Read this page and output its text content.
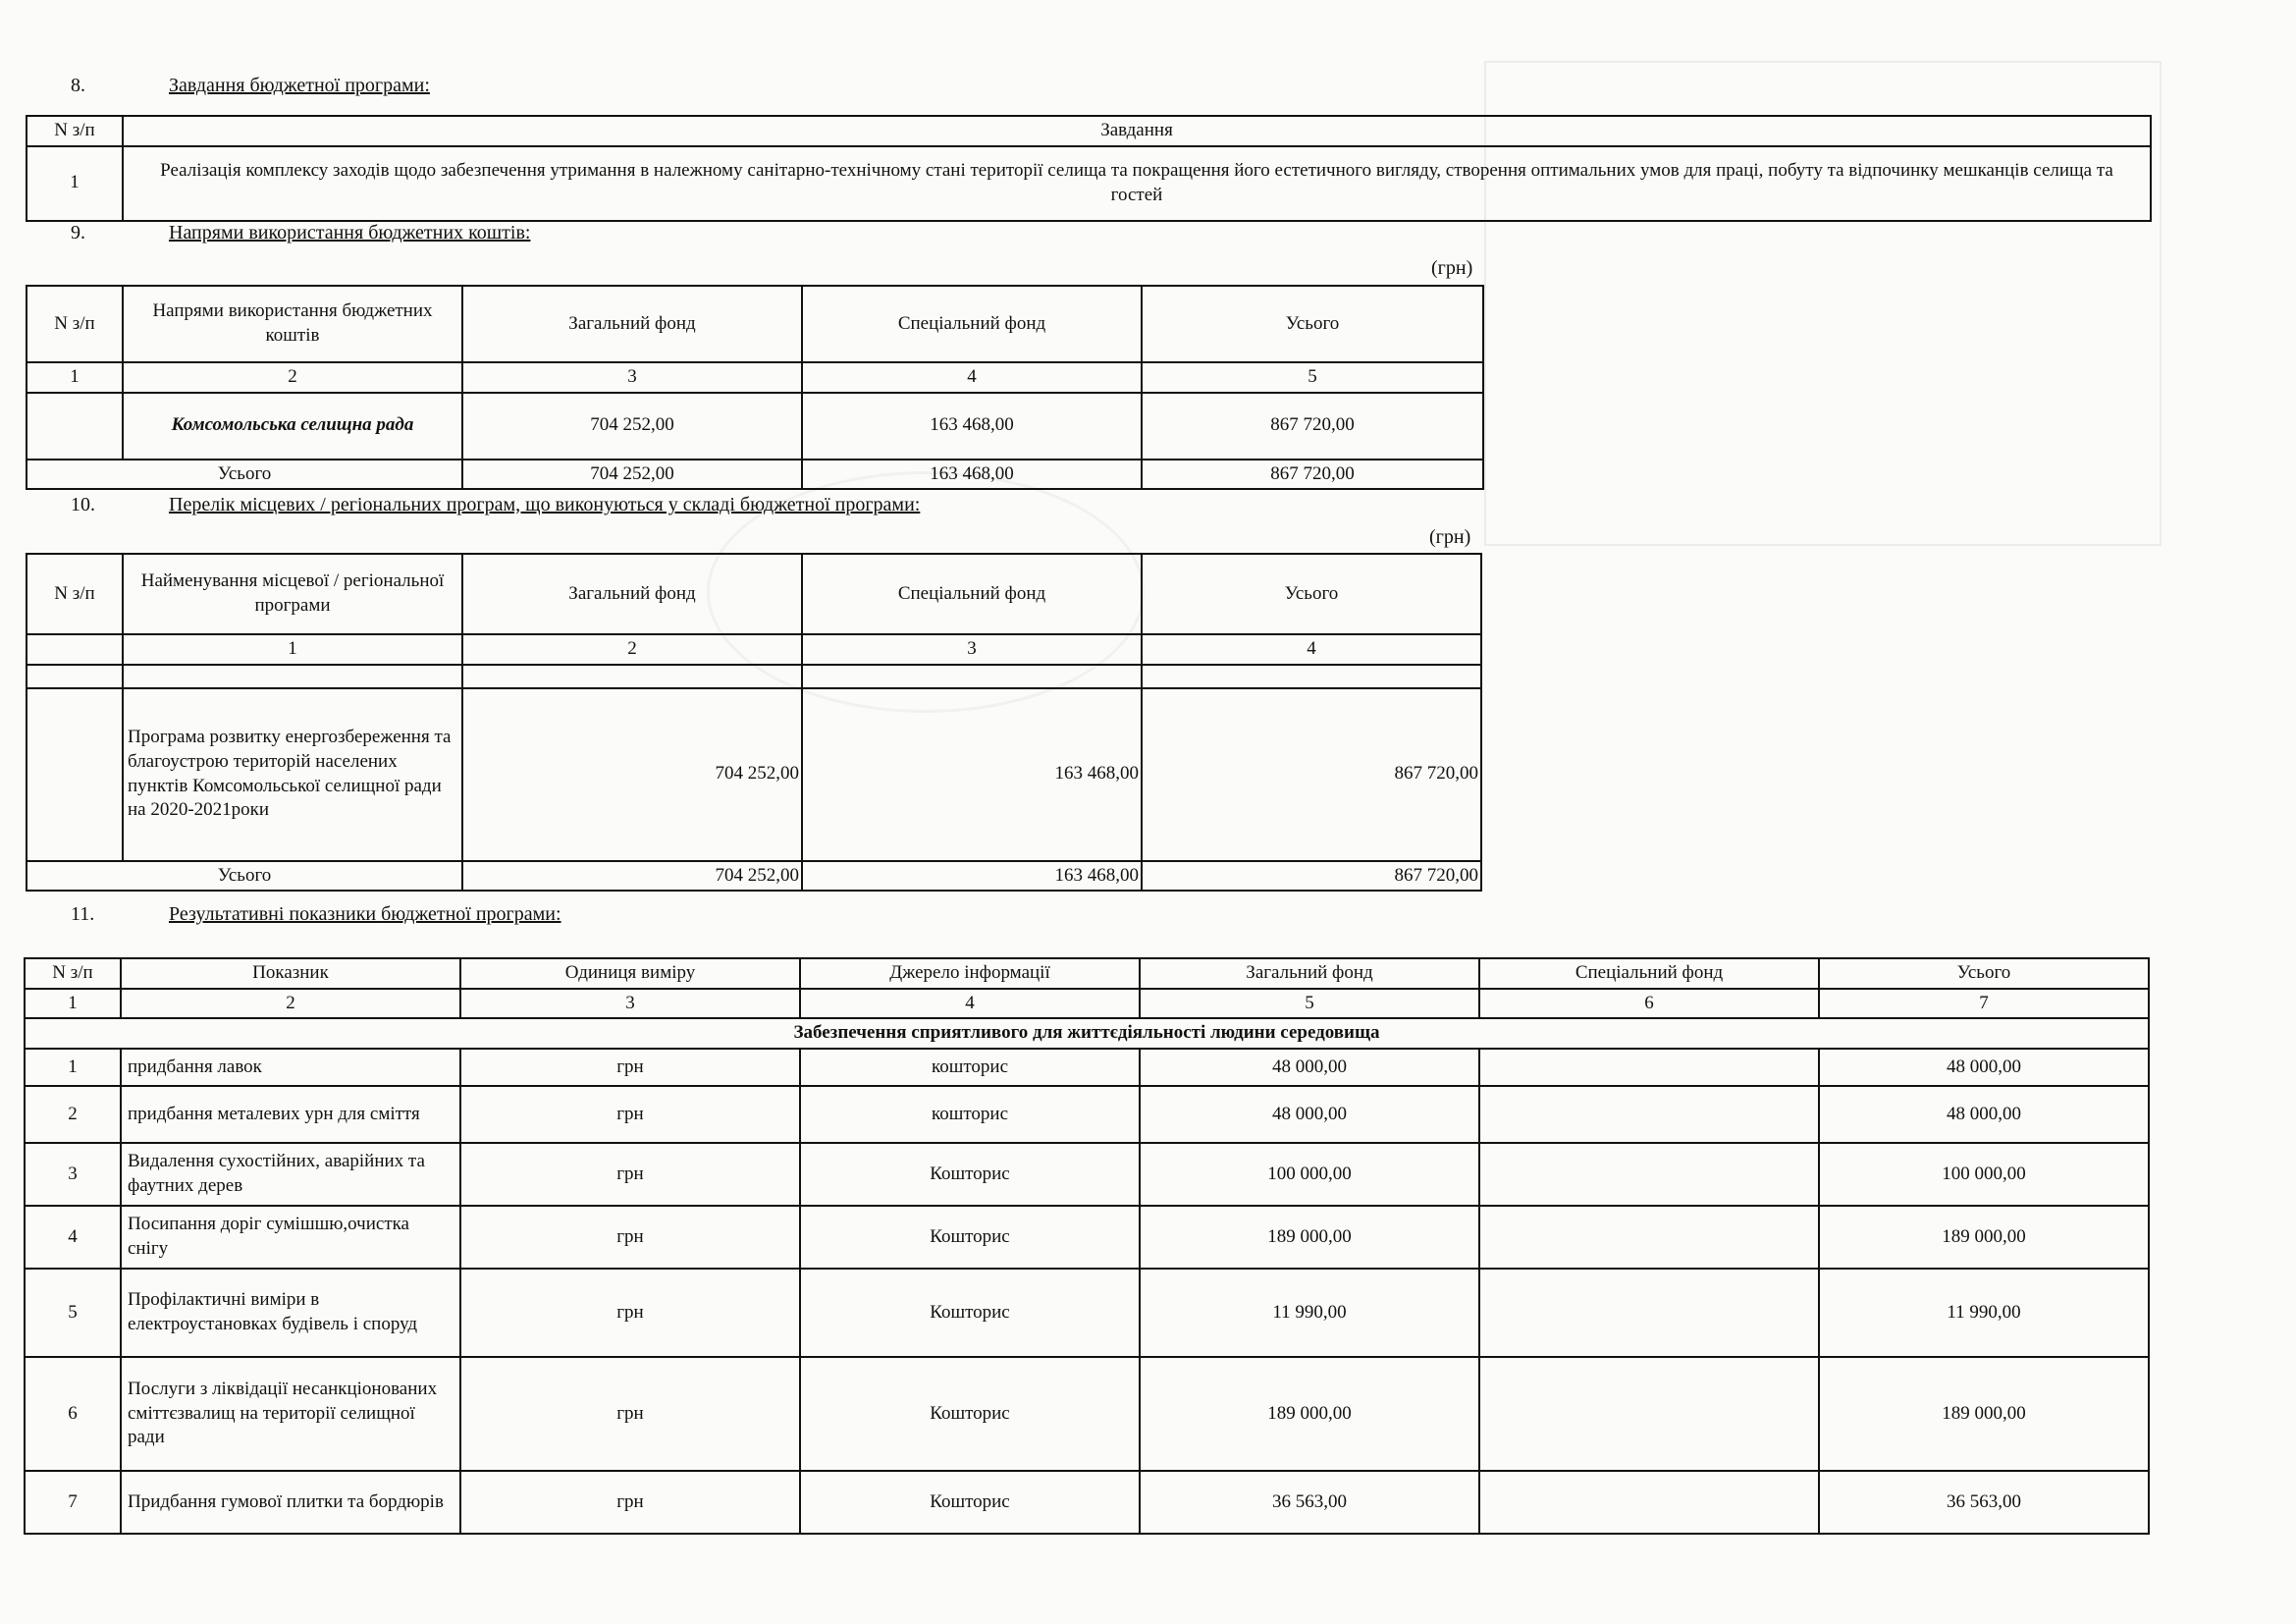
8.	Завдання бюджетної програми:
N з/п	Завдання
1	Реалізація комплексу заходів щодо забезпечення утримання в належному санітарно-технічному стані території селища та покращення його естетичного вигляду, створення оптимальних умов для праці, побуту та відпочинку мешканців селища та гостей
9.	Напрями використання бюджетних коштів:
(грн)
N з/п	Напрями використання бюджетних коштів	Загальний фонд	Спеціальний фонд	Усього
1	2	3	4	5
	Комсомольська селищна рада	704 252,00	163 468,00	867 720,00
Усього		704 252,00	163 468,00	867 720,00
10.	Перелік місцевих / регіональних програм, що виконуються у складі бюджетної програми:
(грн)
N з/п	Найменування місцевої / регіональної програми	Загальний фонд	Спеціальний фонд	Усього
	1	2	3	4

	Програма розвитку енергозбереження та благоустрою територій населених пунктів Комсомольської селищної ради на 2020-2021роки	704 252,00	163 468,00	867 720,00
Усього		704 252,00	163 468,00	867 720,00
11.	Результативні показники бюджетної програми:
N з/п	Показник	Одиниця виміру	Джерело інформації	Загальний фонд	Спеціальний фонд	Усього
1	2	3	4	5	6	7
Забезпечення сприятливого для життєдіяльності людини середовища						
1	придбання лавок	грн	кошторис	48 000,00		48 000,00
2	придбання металевих урн для сміття	грн	кошторис	48 000,00		48 000,00
3	Видалення сухостійних, аварійних та фаутних дерев	грн	Кошторис	100 000,00		100 000,00
4	Посипання доріг сумішшю,очистка снігу	грн	Кошторис	189 000,00		189 000,00
5	Профілактичні виміри в електроустановках будівель і споруд	грн	Кошторис	11 990,00		11 990,00
6	Послуги з ліквідації несанкціонованих сміттєзвалищ на території селищної ради	грн	Кошторис	189 000,00		189 000,00
7	Придбання гумової плитки та бордюрів	грн	Кошторис	36 563,00		36 563,00
